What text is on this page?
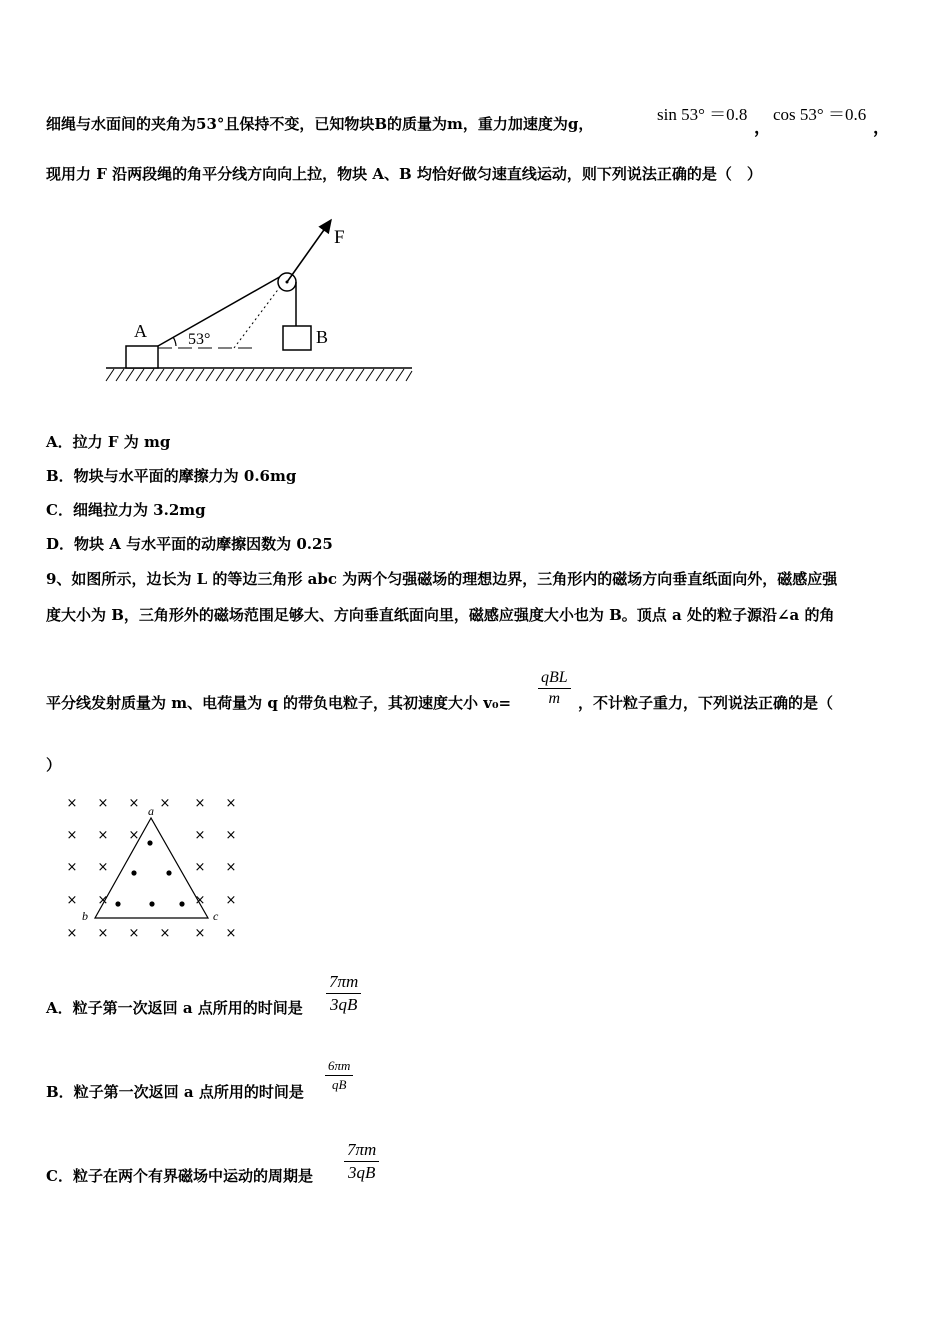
细绳与水面间的夹角为53°且保持不变，已知物块B的质量为m，重力加速度为g，	sin 53° ＝0.8
，
cos 53° ＝0.6
，
现用力 F 沿两段绳的角平分线方向向上拉，物块 A、B 均恰好做匀速直线运动，则下列说法正确的是（　）
A	53°	B
F
A．拉力 F 为 mg
B．物块与水平面的摩擦力为 0.6mg
C．细绳拉力为 3.2mg
D．物块 A 与水平面的动摩擦因数为 0.25
9、如图所示，边长为 L 的等边三角形 abc 为两个匀强磁场的理想边界，三角形内的磁场方向垂直纸面向外，磁感应强
度大小为 B，三角形外的磁场范围足够大、方向垂直纸面向里，磁感应强度大小也为 B。顶点 a 处的粒子源沿∠a 的角
平分线发射质量为 m、电荷量为 q 的带负电粒子，其初速度大小 v₀=
qBL
m	，不计粒子重力，下列说法正确的是（
）
× × × × × ×
× × ×	× ×
× ×	× ×
× ×	× ×
× × × × × ×
a
b	c
A．粒子第一次返回 a 点所用的时间是
7πm
3qB
B．粒子第一次返回 a 点所用的时间是
6πm
qB
C．粒子在两个有界磁场中运动的周期是
7πm
3qB
